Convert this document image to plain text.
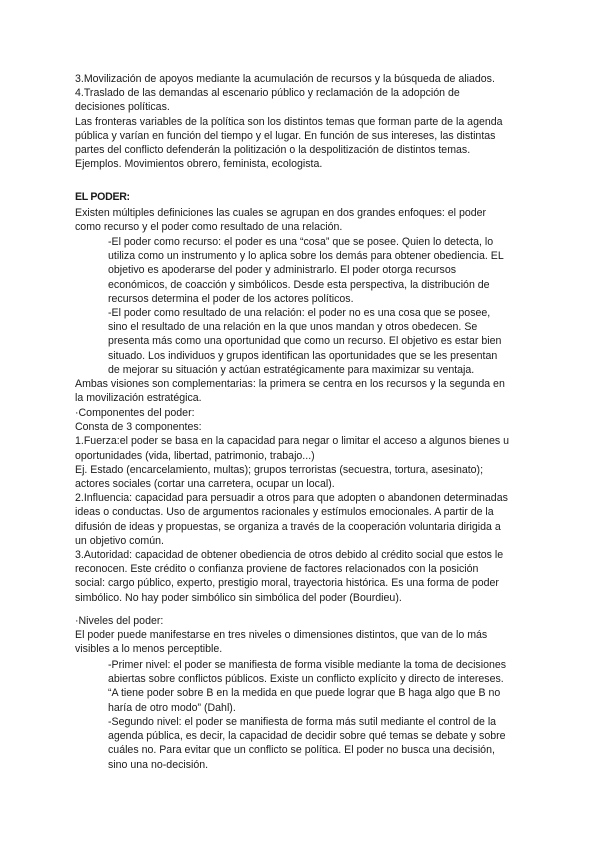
3.Movilización de apoyos mediante la acumulación de recursos y la búsqueda de aliados.

4.Traslado de las demandas al escenario público y reclamación de la adopción de

decisiones políticas.

Las fronteras variables de la política son los distintos temas que forman parte de la agenda

pública y varían en función del tiempo y el lugar. En función de sus intereses, las distintas

partes del conflicto defenderán la politización o la despolitización de distintos temas.

Ejemplos. Movimientos obrero, feminista, ecologista.

EL PODER:

Existen múltiples definiciones las cuales se agrupan en dos grandes enfoques: el poder

como recurso y el poder como resultado de una relación.

-El poder como recurso: el poder es una “cosa” que se posee. Quien lo detecta, lo

utiliza como un instrumento y lo aplica sobre los demás para obtener obediencia. EL

objetivo es apoderarse del poder y administrarlo. El poder otorga recursos

económicos, de coacción y simbólicos. Desde esta perspectiva, la distribución de

recursos determina el poder de los actores políticos.

-El poder como resultado de una relación: el poder no es una cosa que se posee,

sino el resultado de una relación en la que unos mandan y otros obedecen. Se

presenta más como una oportunidad que como un recurso. El objetivo es estar bien

situado. Los individuos y grupos identifican las oportunidades que se les presentan

de mejorar su situación y actúan estratégicamente para maximizar su ventaja.

Ambas visiones son complementarias: la primera se centra en los recursos y la segunda en

la movilización estratégica.

·Componentes del poder:

Consta de 3 componentes:

1.Fuerza:el poder se basa en la capacidad para negar o limitar el acceso a algunos bienes u

oportunidades (vida, libertad, patrimonio, trabajo...)

Ej. Estado (encarcelamiento, multas); grupos terroristas (secuestra, tortura, asesinato);

actores sociales (cortar una carretera, ocupar un local).

2.Influencia: capacidad para persuadir a otros para que adopten o abandonen determinadas

ideas o conductas. Uso de argumentos racionales y estímulos emocionales. A partir de la

difusión de ideas y propuestas, se organiza a través de la cooperación voluntaria dirigida a

un objetivo común.

3.Autoridad: capacidad de obtener obediencia de otros debido al crédito social que estos le

reconocen. Este crédito o confianza proviene de factores relacionados con la posición

social: cargo público, experto, prestigio moral, trayectoria histórica. Es una forma de poder

simbólico. No hay poder simbólico sin simbólica del poder (Bourdieu).

·Niveles del poder:

El poder puede manifestarse en tres niveles o dimensiones distintos, que van de lo más

visibles a lo menos perceptible.

-Primer nivel: el poder se manifiesta de forma visible mediante la toma de decisiones

abiertas sobre conflictos públicos. Existe un conflicto explícito y directo de intereses.

“A tiene poder sobre B en la medida en que puede lograr que B haga algo que B no

haría de otro modo” (Dahl).

-Segundo nivel: el poder se manifiesta de forma más sutil mediante el control de la

agenda pública, es decir, la capacidad de decidir sobre qué temas se debate y sobre

cuáles no. Para evitar que un conflicto se política. El poder no busca una decisión,

sino una no-decisión.
